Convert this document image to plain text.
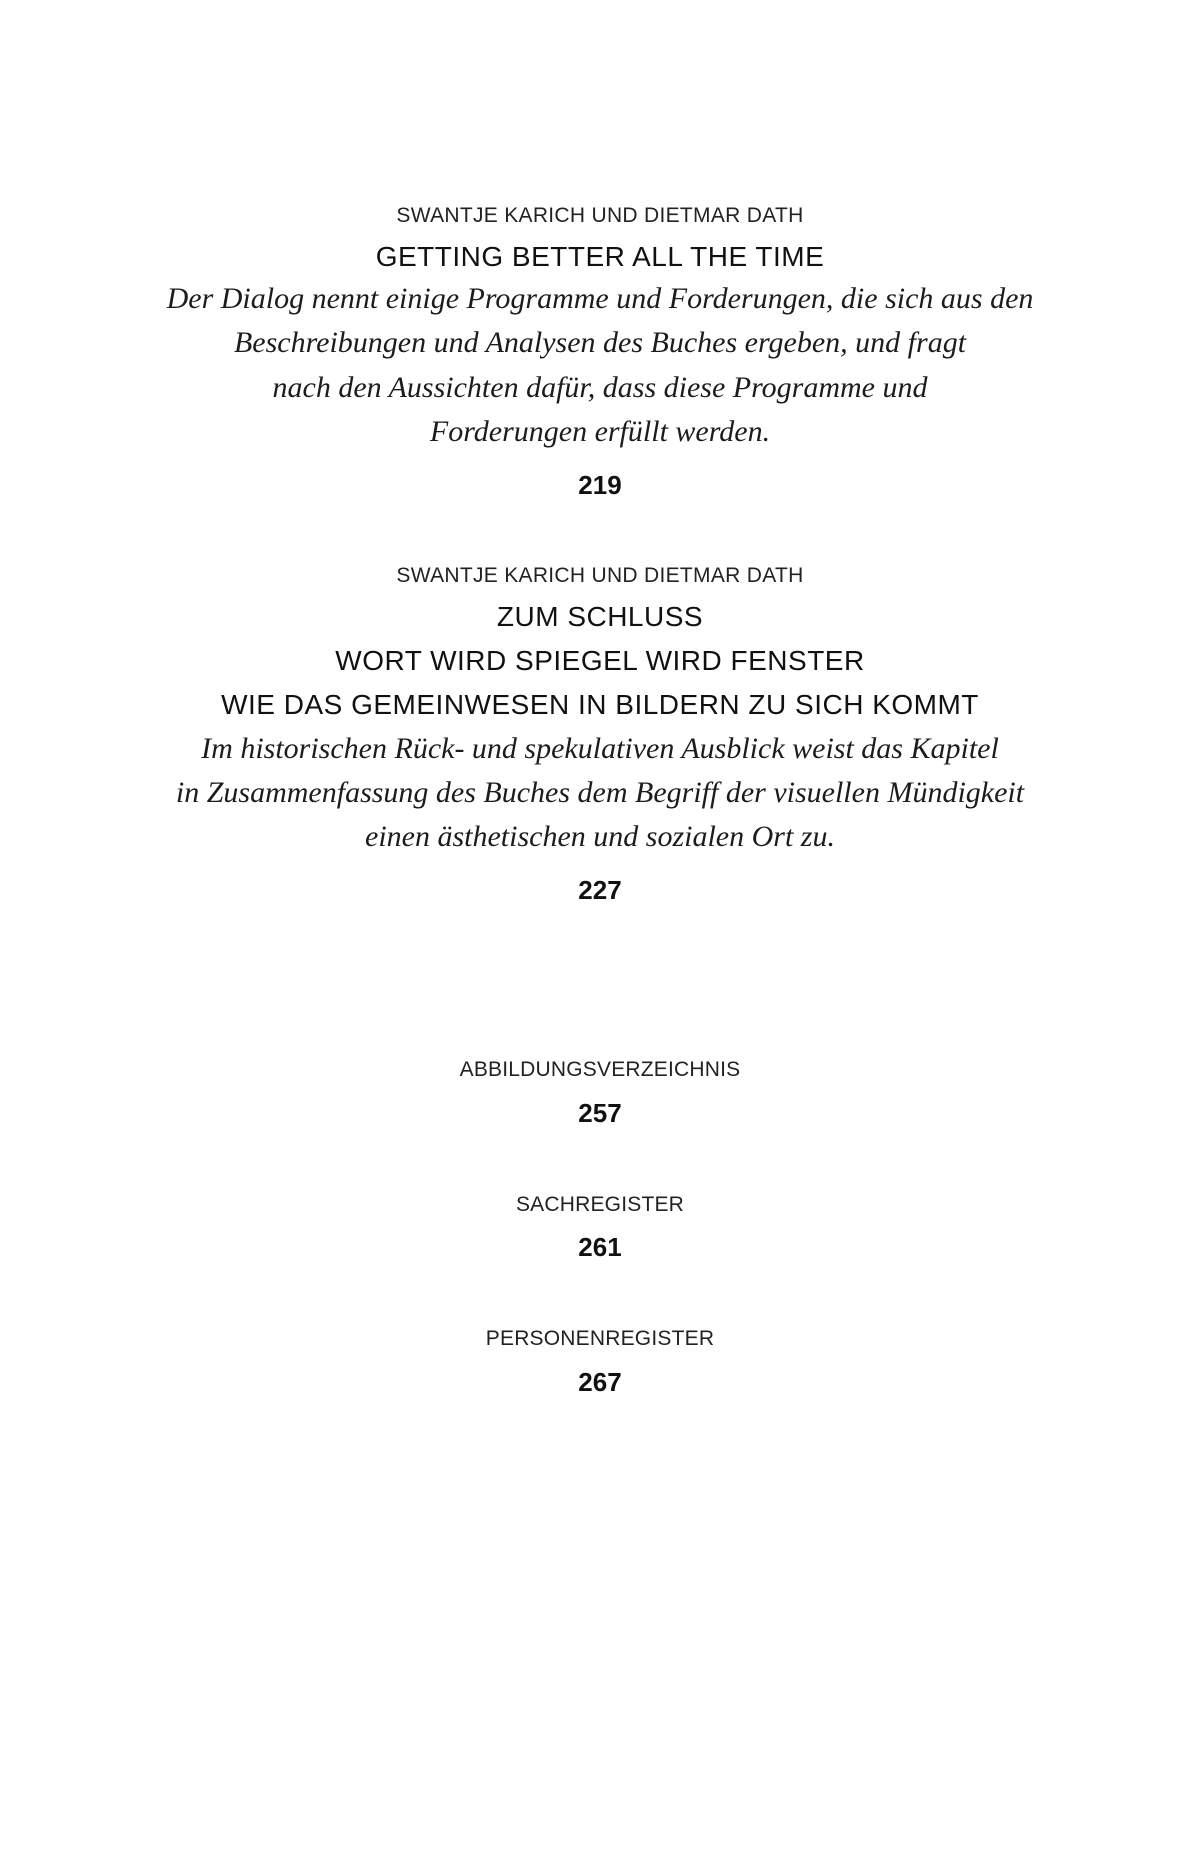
SWANTJE KARICH UND DIETMAR DATH
GETTING BETTER ALL THE TIME
Der Dialog nennt einige Programme und Forderungen, die sich aus den
Beschreibungen und Analysen des Buches ergeben, und fragt
nach den Aussichten dafür, dass diese Programme und
Forderungen erfüllt werden.
219
SWANTJE KARICH UND DIETMAR DATH
ZUM SCHLUSS
WORT WIRD SPIEGEL WIRD FENSTER
WIE DAS GEMEINWESEN IN BILDERN ZU SICH KOMMT
Im historischen Rück- und spekulativen Ausblick weist das Kapitel
in Zusammenfassung des Buches dem Begriff der visuellen Mündigkeit
einen ästhetischen und sozialen Ort zu.
227
ABBILDUNGSVERZEICHNIS
257
SACHREGISTER
261
PERSONENREGISTER
267
